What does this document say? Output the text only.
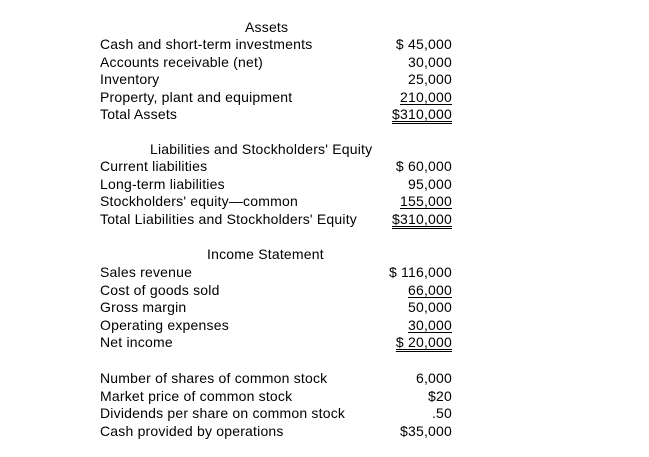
Assets
Cash and short-term investments	$ 45,000
Accounts receivable (net)	30,000
Inventory	25,000
Property, plant and equipment	210,000
Total Assets	$310,000
Liabilities and Stockholders' Equity
Current liabilities	$ 60,000
Long-term liabilities	95,000
Stockholders' equity—common	155,000
Total Liabilities and Stockholders' Equity	$310,000
Income Statement
Sales revenue	$ 116,000
Cost of goods sold	66,000
Gross margin	50,000
Operating expenses	30,000
Net income	$ 20,000
Number of shares of common stock	6,000
Market price of common stock	$20
Dividends per share on common stock	.50
Cash provided by operations	$35,000
